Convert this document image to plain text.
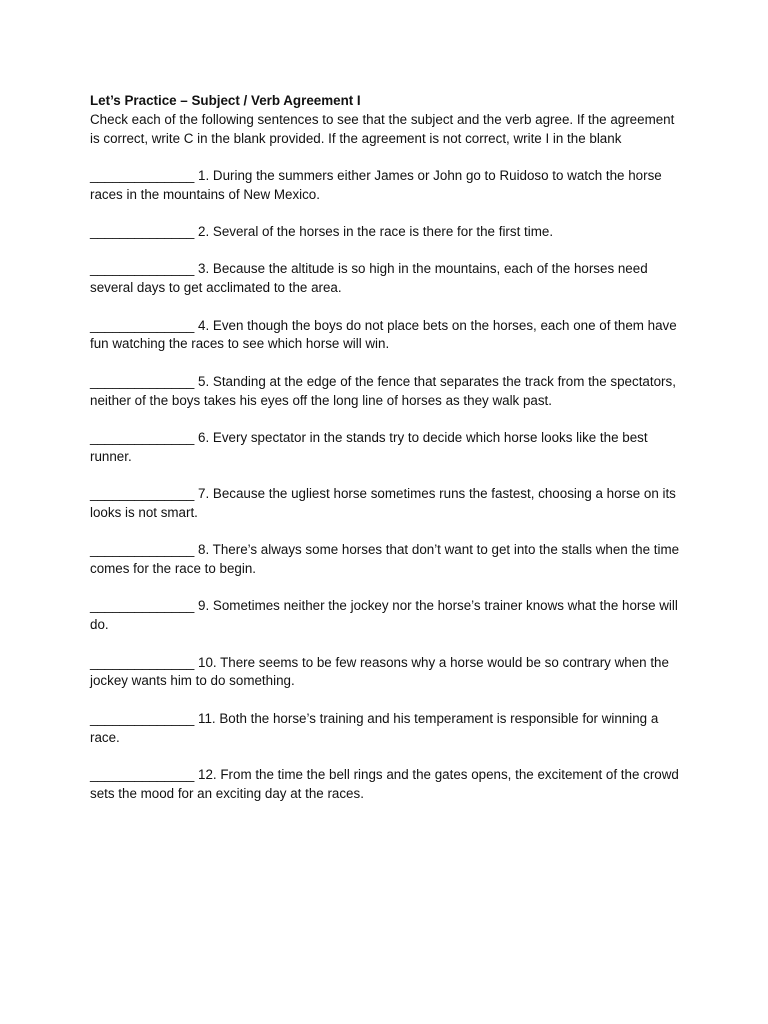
Let’s Practice – Subject / Verb Agreement I

Check each of the following sentences to see that the subject and the verb agree. If the agreement is correct, write C in the blank provided. If the agreement is not correct, write I in the blank

______________ 1. During the summers either James or John go to Ruidoso to watch the horse races in the mountains of New Mexico.

______________ 2. Several of the horses in the race is there for the first time.

______________ 3. Because the altitude is so high in the mountains, each of the horses need several days to get acclimated to the area.

______________ 4. Even though the boys do not place bets on the horses, each one of them have fun watching the races to see which horse will win.

______________ 5. Standing at the edge of the fence that separates the track from the spectators, neither of the boys takes his eyes off the long line of horses as they walk past.

______________ 6. Every spectator in the stands try to decide which horse looks like the best runner.

______________ 7. Because the ugliest horse sometimes runs the fastest, choosing a horse on its looks is not smart.

______________ 8. There’s always some horses that don’t want to get into the stalls when the time comes for the race to begin.

______________ 9. Sometimes neither the jockey nor the horse’s trainer knows what the horse will do.

______________ 10. There seems to be few reasons why a horse would be so contrary when the jockey wants him to do something.

______________ 11. Both the horse’s training and his temperament is responsible for winning a race.

______________ 12. From the time the bell rings and the gates opens, the excitement of the crowd sets the mood for an exciting day at the races.
